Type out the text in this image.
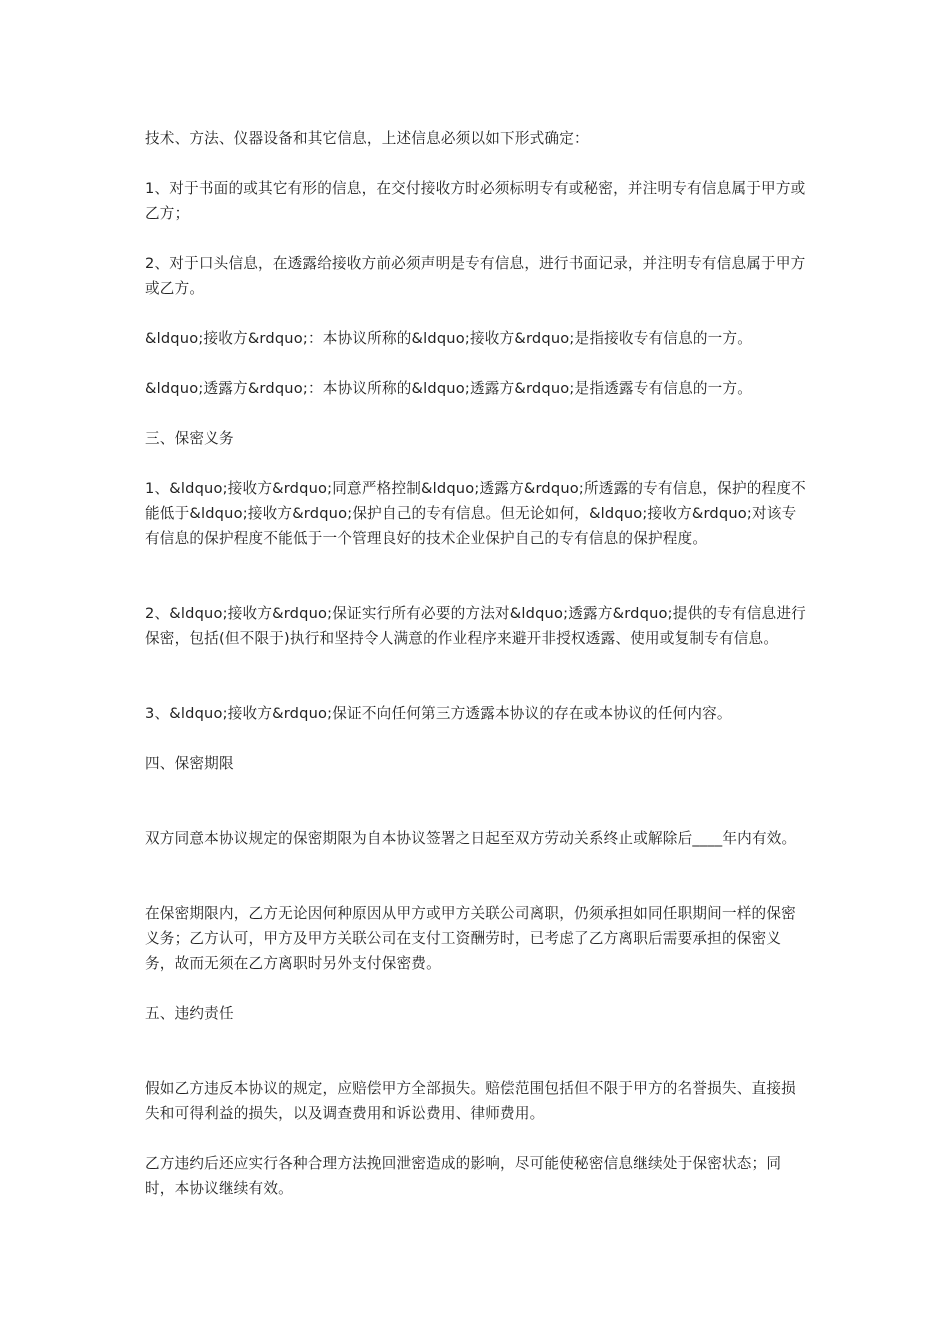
技术、方法、仪器设备和其它信息，上述信息必须以如下形式确定：

1、对于书面的或其它有形的信息，在交付接收方时必须标明专有或秘密，并注明专有信息属于甲方或乙方；

2、对于口头信息，在透露给接收方前必须声明是专有信息，进行书面记录，并注明专有信息属于甲方或乙方。

&ldquo;接收方&rdquo;：本协议所称的&ldquo;接收方&rdquo;是指接收专有信息的一方。

&ldquo;透露方&rdquo;：本协议所称的&ldquo;透露方&rdquo;是指透露专有信息的一方。

三、保密义务

1、&ldquo;接收方&rdquo;同意严格控制&ldquo;透露方&rdquo;所透露的专有信息，保护的程度不能低于&ldquo;接收方&rdquo;保护自己的专有信息。但无论如何，&ldquo;接收方&rdquo;对该专有信息的保护程度不能低于一个管理良好的技术企业保护自己的专有信息的保护程度。

2、&ldquo;接收方&rdquo;保证实行所有必要的方法对&ldquo;透露方&rdquo;提供的专有信息进行保密，包括(但不限于)执行和坚持令人满意的作业程序来避开非授权透露、使用或复制专有信息。

3、&ldquo;接收方&rdquo;保证不向任何第三方透露本协议的存在或本协议的任何内容。

四、保密期限

双方同意本协议规定的保密期限为自本协议签署之日起至双方劳动关系终止或解除后____年内有效。

在保密期限内，乙方无论因何种原因从甲方或甲方关联公司离职，仍须承担如同任职期间一样的保密义务；乙方认可，甲方及甲方关联公司在支付工资酬劳时，已考虑了乙方离职后需要承担的保密义务，故而无须在乙方离职时另外支付保密费。

五、违约责任

假如乙方违反本协议的规定，应赔偿甲方全部损失。赔偿范围包括但不限于甲方的名誉损失、直接损失和可得利益的损失，以及调查费用和诉讼费用、律师费用。

乙方违约后还应实行各种合理方法挽回泄密造成的影响，尽可能使秘密信息继续处于保密状态；同时，本协议继续有效。
